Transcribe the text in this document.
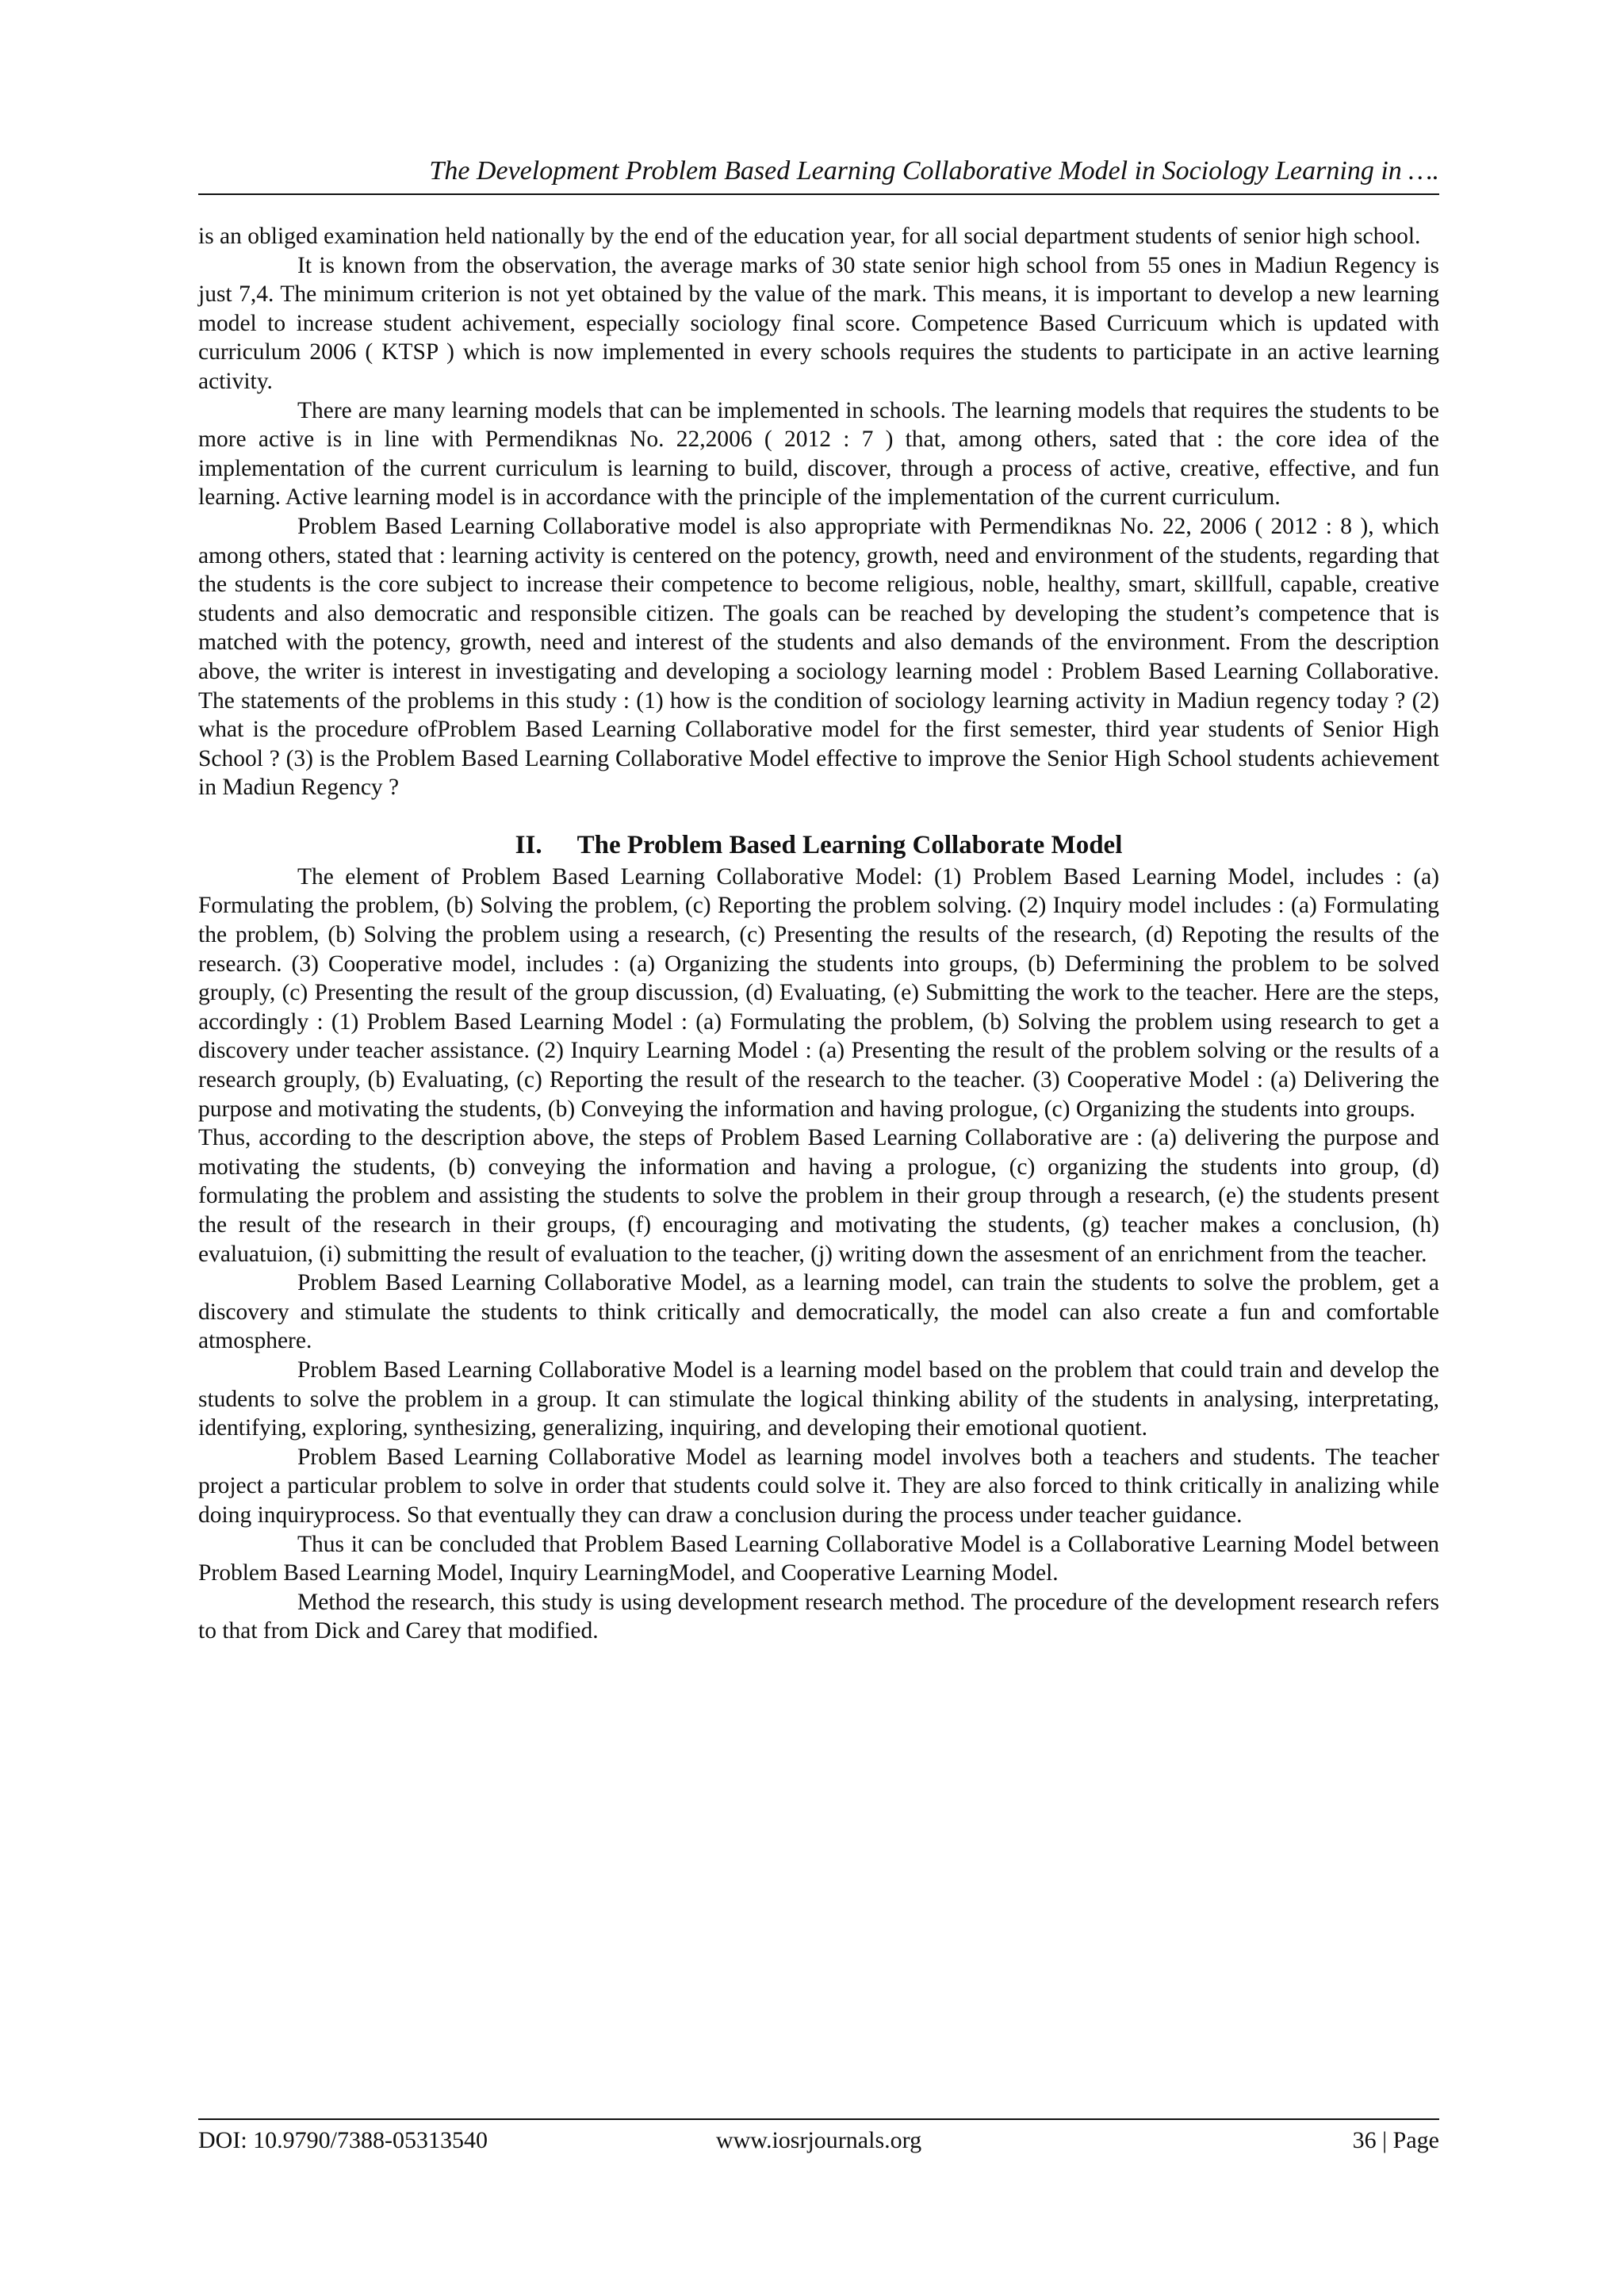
The Development Problem Based Learning Collaborative Model in Sociology Learning in ….

is an obliged examination held nationally by the end of the education year, for all social department students of senior high school.

It is known from the observation, the average marks of 30 state senior high school from 55 ones in Madiun Regency is just 7,4. The minimum criterion is not yet obtained by the value of the mark. This means, it is important to develop a new learning model to increase student achivement, especially sociology final score. Competence Based Curricuum which is updated with curriculum 2006 ( KTSP ) which is now implemented in every schools requires the students to participate in an active learning activity.

There are many learning models that can be implemented in schools. The learning models that requires the students to be more active is in line with Permendiknas No. 22,2006 ( 2012 : 7 ) that, among others, sated that : the core idea of the implementation of the current curriculum is learning to build, discover, through a process of active, creative, effective, and fun learning. Active learning model is in accordance with the principle of the implementation of the current curriculum.

Problem Based Learning Collaborative model is also appropriate with Permendiknas No. 22, 2006 ( 2012 : 8 ), which among others, stated that : learning activity is centered on the potency, growth, need and environment of the students, regarding that the students is the core subject to increase their competence to become religious, noble, healthy, smart, skillfull, capable, creative students and also democratic and responsible citizen. The goals can be reached by developing the student’s competence that is matched with the potency, growth, need and interest of the students and also demands of the environment. From the description above, the writer is interest in investigating and developing a sociology learning model : Problem Based Learning Collaborative. The statements of the problems in this study : (1) how is the condition of sociology learning activity in Madiun regency today ? (2) what is the procedure ofProblem Based Learning Collaborative model for the first semester, third year students of Senior High School ? (3) is the Problem Based Learning Collaborative Model effective to improve the Senior High School students achievement in Madiun Regency ?

II. The Problem Based Learning Collaborate Model

The element of Problem Based Learning Collaborative Model: (1) Problem Based Learning Model, includes : (a) Formulating the problem, (b) Solving the problem, (c) Reporting the problem solving. (2) Inquiry model includes : (a) Formulating the problem, (b) Solving the problem using a research, (c) Presenting the results of the research, (d) Repoting the results of the research. (3) Cooperative model, includes : (a) Organizing the students into groups, (b) Defermining the problem to be solved grouply, (c) Presenting the result of the group discussion, (d) Evaluating, (e) Submitting the work to the teacher. Here are the steps, accordingly : (1) Problem Based Learning Model : (a) Formulating the problem, (b) Solving the problem using research to get a discovery under teacher assistance. (2) Inquiry Learning Model : (a) Presenting the result of the problem solving or the results of a research grouply, (b) Evaluating, (c) Reporting the result of the research to the teacher. (3) Cooperative Model : (a) Delivering the purpose and motivating the students, (b) Conveying the information and having prologue, (c) Organizing the students into groups.

Thus, according to the description above, the steps of Problem Based Learning Collaborative are : (a) delivering the purpose and motivating the students, (b) conveying the information and having a prologue, (c) organizing the students into group, (d) formulating the problem and assisting the students to solve the problem in their group through a research, (e) the students present the result of the research in their groups, (f) encouraging and motivating the students, (g) teacher makes a conclusion, (h) evaluatuion, (i) submitting the result of evaluation to the teacher, (j) writing down the assesment of an enrichment from the teacher.

Problem Based Learning Collaborative Model, as a learning model, can train the students to solve the problem, get a discovery and stimulate the students to think critically and democratically, the model can also create a fun and comfortable atmosphere.

Problem Based Learning Collaborative Model is a learning model based on the problem that could train and develop the students to solve the problem in a group. It can stimulate the logical thinking ability of the students in analysing, interpretating, identifying, exploring, synthesizing, generalizing, inquiring, and developing their emotional quotient.

Problem Based Learning Collaborative Model as learning model involves both a teachers and students. The teacher project a particular problem to solve in order that students could solve it. They are also forced to think critically in analizing while doing inquiryprocess. So that eventually they can draw a conclusion during the process under teacher guidance.

Thus it can be concluded that Problem Based Learning Collaborative Model is a Collaborative Learning Model between Problem Based Learning Model, Inquiry LearningModel, and Cooperative Learning Model.

Method the research, this study is using development research method. The procedure of the development research refers to that from Dick and Carey that modified.

DOI: 10.9790/7388-05313540	www.iosrjournals.org	36 | Page
